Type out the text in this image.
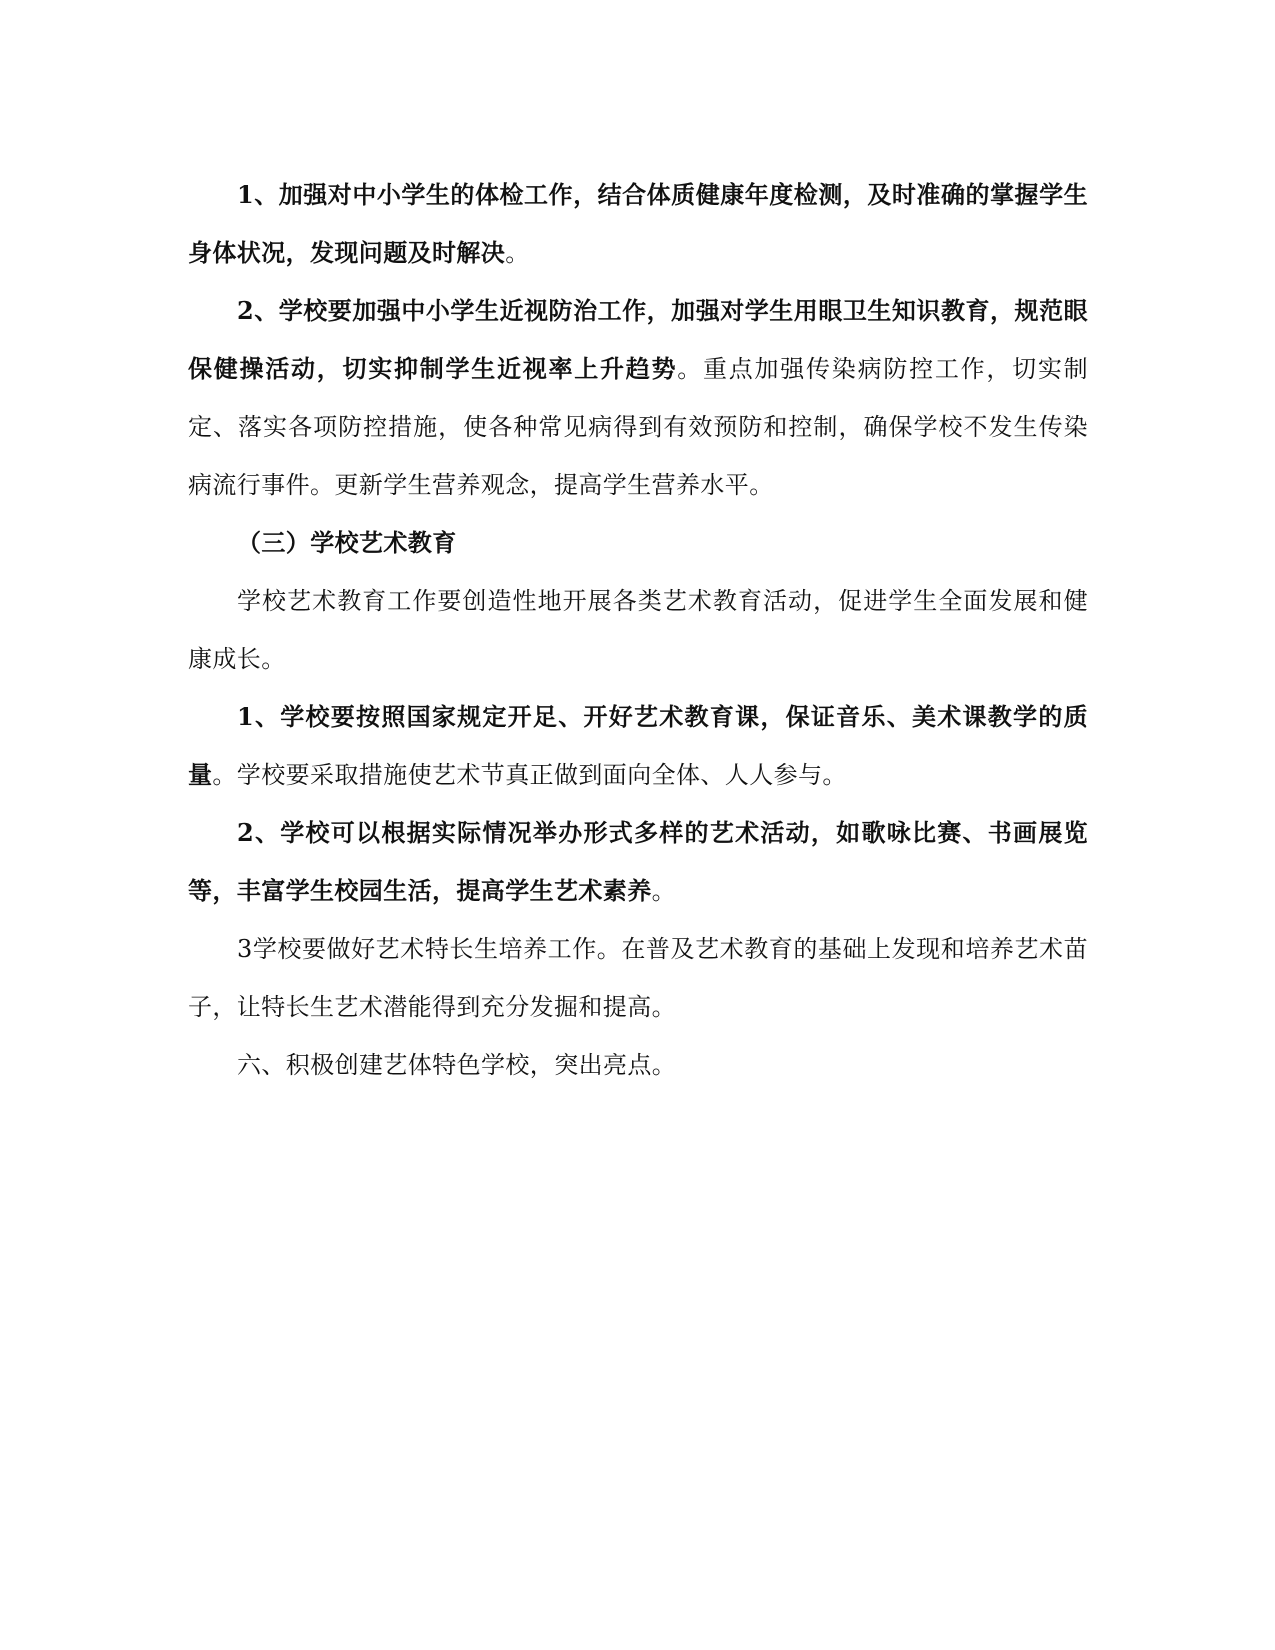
1、加强对中小学生的体检工作，结合体质健康年度检测，及时准确的掌握学生身体状况，发现问题及时解决。

2、学校要加强中小学生近视防治工作，加强对学生用眼卫生知识教育，规范眼保健操活动，切实抑制学生近视率上升趋势。重点加强传染病防控工作，切实制定、落实各项防控措施，使各种常见病得到有效预防和控制，确保学校不发生传染病流行事件。更新学生营养观念，提高学生营养水平。

（三）学校艺术教育

学校艺术教育工作要创造性地开展各类艺术教育活动，促进学生全面发展和健康成长。

1、学校要按照国家规定开足、开好艺术教育课，保证音乐、美术课教学的质量。学校要采取措施使艺术节真正做到面向全体、人人参与。

2、学校可以根据实际情况举办形式多样的艺术活动，如歌咏比赛、书画展览等，丰富学生校园生活，提高学生艺术素养。

3学校要做好艺术特长生培养工作。在普及艺术教育的基础上发现和培养艺术苗子，让特长生艺术潜能得到充分发掘和提高。

六、积极创建艺体特色学校，突出亮点。
